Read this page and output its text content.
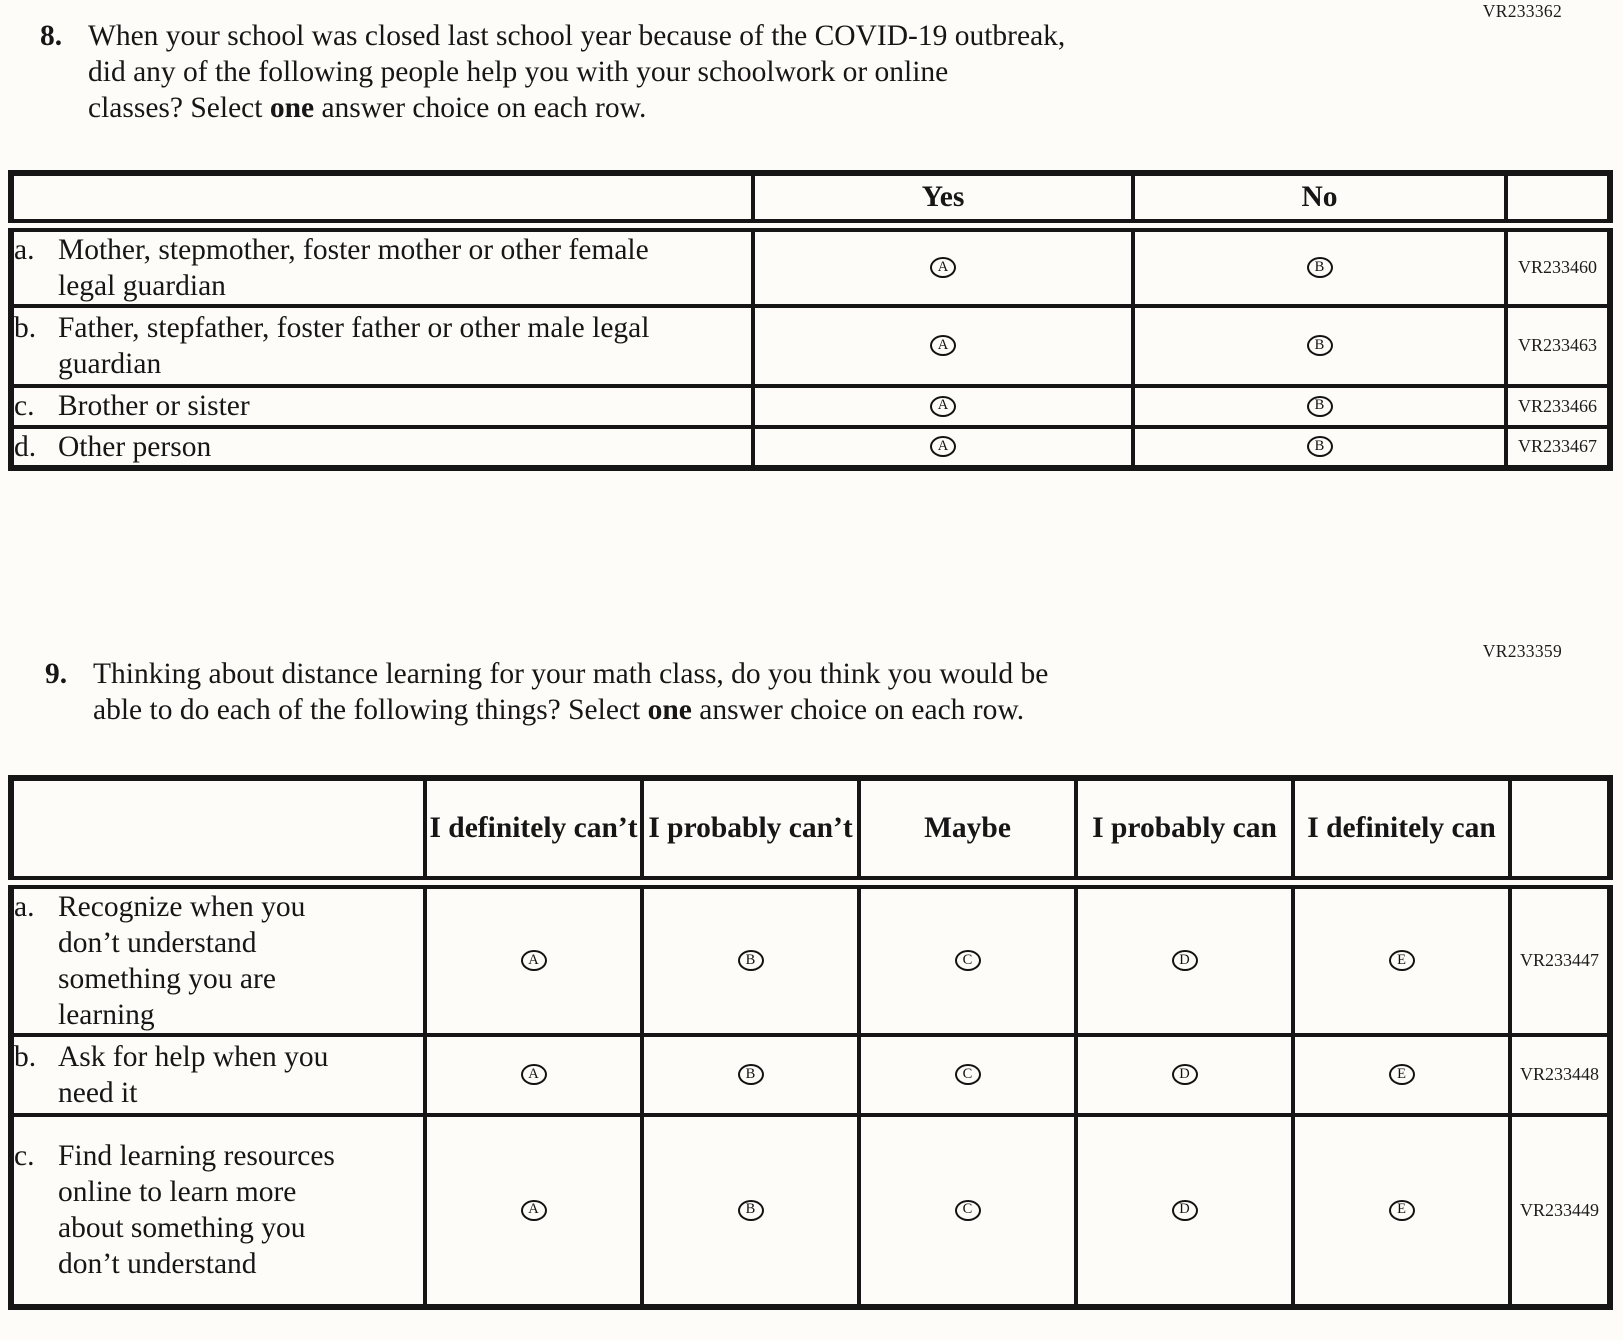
VR233362
8. When your school was closed last school year because of the COVID-19 outbreak,
did any of the following people help you with your schoolwork or online
classes? Select one answer choice on each row.
	Yes	No	

a. Mother, stepmother, foster mother or other female legal guardian	A	B	VR233460

b. Father, stepfather, foster father or other male legal guardian	A	B	VR233463

c. Brother or sister	A	B	VR233466

d. Other person	A	B	VR233467
VR233359
9. Thinking about distance learning for your math class, do you think you would be
able to do each of the following things? Select one answer choice on each row.
	I definitely can’t	I probably can’t	Maybe	I probably can	I definitely can	

a. Recognize when you don’t understand something you are learning	A	B	C	D	E	VR233447

b. Ask for help when you need it	A	B	C	D	E	VR233448

c. Find learning resources online to learn more about something you don’t understand	A	B	C	D	E	VR233449
